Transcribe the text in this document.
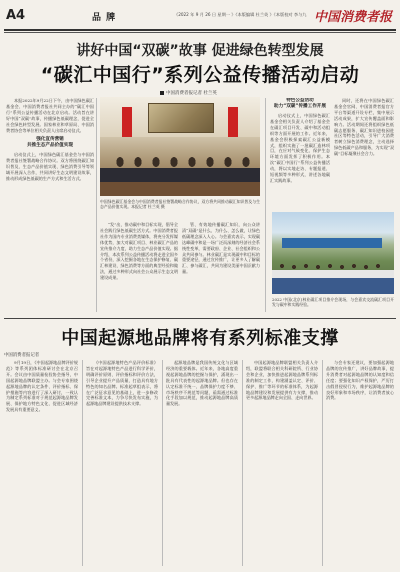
A4	品 牌	《2022 年 9 月 26 日 星期一 》《本版编辑 杜兰英 》《本版校对 李与九 中国消费者报
讲好中国“双碳”故事 促进绿色转型发展
“碳汇中国行”系列公益传播活动启动
中国消费者报记者 杜兰英

本报2022年9月22日下午，由中国绿色碳汇基金会、中国消费者报社共同主办的“碳汇中国行”系列公益传播活动在北京启动。活动旨在讲好中国“双碳”故事，传播绿色低碳理念，促进全社会绿色转型发展。国家林业和草原局、中国消费者协会等单位相关负责人出席启动仪式。

强化宣传营销
共推生态产品价值实现

启动仪式上，中国绿色碳汇基金会与中国消费者报社签署战略合作协议。双方将围绕碳汇知识普及、生态产品价值实现、绿色消费引导等领域开展深入合作，共同讲好生态文明建设故事，推动形成绿色低碳的生产方式和生活方式。

中国绿色碳汇基金会与中国消费者报社签署战略合作协议，双方将共同推动碳汇知识普及与生态产品价值实现。本报记者 杜兰英 摄

“发”出，推动碳中和目标实现，倡导全社会践行绿色低碳生活方式。中国消费者报社作为国内专业消费类媒体，将充分发挥媒体优势，加大对碳汇项目、林业碳汇产品的宣传推介力度，助力生态产品价值实现。据介绍，本次系列公益传播活动将走进全国多个省份，深入挖掘各地在生态保护修复、碳汇林建设、绿色消费等方面的典型经验和做法，通过多种形式向社会公众展示生态文明建设成果。

管、有效地传播碳汇知识，向公众讲清“双碳”是什么、为什么、怎么做，让绿色低碳理念深入人心。与会嘉宾表示，实现碳达峰碳中和是一场广泛而深刻的经济社会系统性变革，需要政府、企业、社会组织和公众共同参与。林业碳汇是实现碳中和目标的重要途径，通过宣传推广，让更多人了解碳汇、参与碳汇，共同为建设美丽中国贡献力量。

特色公益活动
助力“双碳”传播工作开展

启动仪式上，中国绿色碳汇基金会相关负责人介绍了基金会在碳汇项目开发、碳中和活动组织等方面开展的工作。近年来，基金会积极探索碳汇公益新模式，组织实施了一批碳汇造林项目，在应对气候变化、保护生态环境方面发挥了积极作用。本次“碳汇中国行”系列公益传播活动，将以实地走访、专题报道、短视频等多种形式，讲述各地碳汇实践故事。

同时，还将在中国绿色碳汇基金会官网、中国消费者报官方平台等渠道开设专栏，集中展示活动成果，扩大宣传覆盖面和影响力。活动期间还将组织绿色低碳志愿服务、碳汇知识进校园进社区等特色活动，引导广大消费者树立绿色消费理念，主动选择绿色低碳产品和服务，为实现“双碳”目标凝聚社会合力。

2022 中国(北京)林业碳汇项目推介会现场，与会嘉宾交流碳汇项目开发与碳中和实践经验。
中国起源地品牌将有系列标准支撑
中国消费者报记者

9月19日，《中国起源地品牌评价规范》等系列团体标准研讨会在北京召开。会议由中国质量检验协会指导，中国起源地品牌联盟主办。与会专家围绕起源地品牌的认定条件、评价指标、保护措施等内容进行了深入研讨，一致认为制定系列标准对于规范起源地品牌发展、保护地方特色文化、促进区域经济发展具有重要意义。

《中国起源地特色产品评价标准》旨在对起源地特色产品进行科学评价，明确评价原则、评价指标和评价方法，引导企业提升产品质量，打造具有地方特色的知名品牌。标准起草组表示，将在广泛征求意见的基础上，进一步修改完善标准文本，力争尽快发布实施，为起源地品牌建设提供技术支撑。

起源地品牌是我国传统文化与区域经济的重要载体。近年来，各地高度重视起源地品牌的挖掘与保护，涌现出一批具有代表性的起源地品牌。但也存在认定标准不统一、品牌保护力度不够、市场秩序不规范等问题，亟需通过标准化手段加以规范，推动起源地品牌高质量发展。

中国起源地品牌联盟相关负责人介绍，联盟将联合相关科研院所、行业协会和企业，加快推进起源地品牌系列标准的制定工作，构建涵盖认定、评价、保护、推广等环节的标准体系，为起源地品牌建设和发展提供有力支撑，推动更多起源地品牌走向全国、走向世界。

与会专家还建议，要加强起源地品牌的宣传推广，讲好品牌故事，提升消费者对起源地品牌的认知度和信任度；要强化知识产权保护，严厉打击假冒侵权行为，维护起源地品牌的良好形象和市场秩序，让消费者放心消费。
